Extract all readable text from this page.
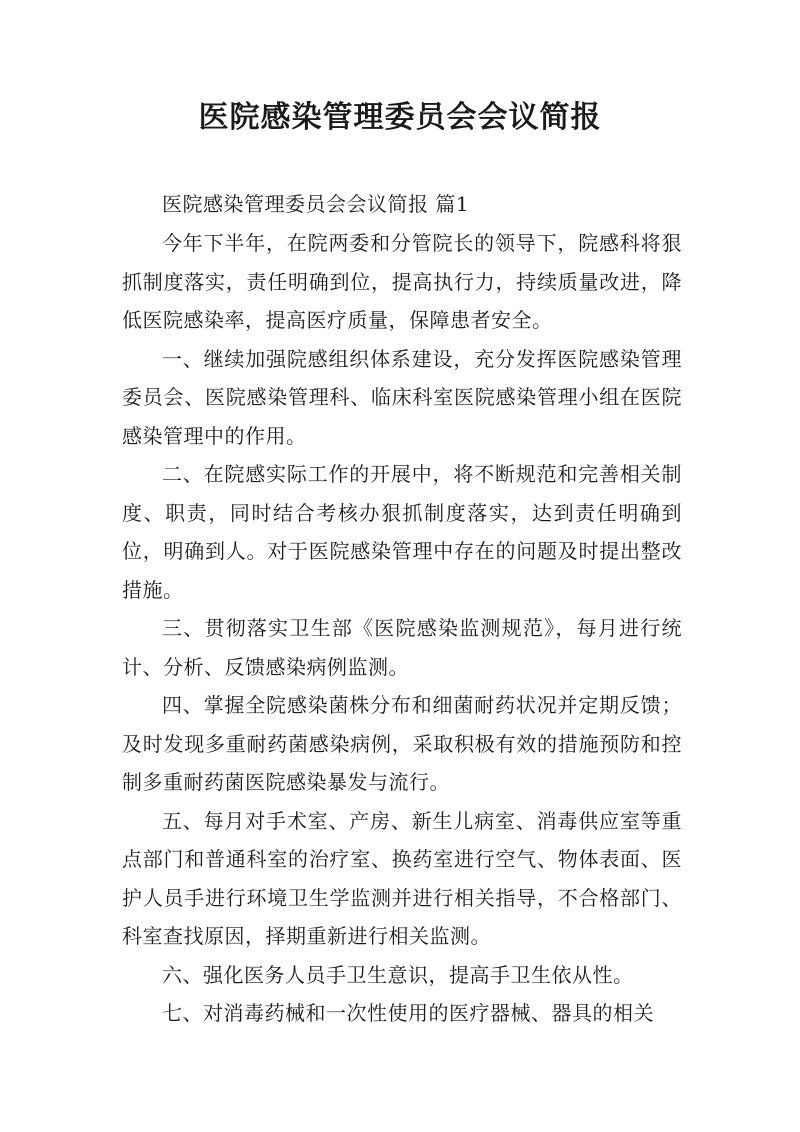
医院感染管理委员会会议简报

医院感染管理委员会会议简报 篇1

今年下半年，在院两委和分管院长的领导下，院感科将狠抓制度落实，责任明确到位，提高执行力，持续质量改进，降低医院感染率，提高医疗质量，保障患者安全。

一、继续加强院感组织体系建设，充分发挥医院感染管理委员会、医院感染管理科、临床科室医院感染管理小组在医院感染管理中的作用。

二、在院感实际工作的开展中，将不断规范和完善相关制度、职责，同时结合考核办狠抓制度落实，达到责任明确到位，明确到人。对于医院感染管理中存在的问题及时提出整改措施。

三、贯彻落实卫生部《医院感染监测规范》，每月进行统计、分析、反馈感染病例监测。

四、掌握全院感染菌株分布和细菌耐药状况并定期反馈；及时发现多重耐药菌感染病例，采取积极有效的措施预防和控制多重耐药菌医院感染暴发与流行。

五、每月对手术室、产房、新生儿病室、消毒供应室等重点部门和普通科室的治疗室、换药室进行空气、物体表面、医护人员手进行环境卫生学监测并进行相关指导，不合格部门、科室查找原因，择期重新进行相关监测。

六、强化医务人员手卫生意识，提高手卫生依从性。

七、对消毒药械和一次性使用的医疗器械、器具的相关
